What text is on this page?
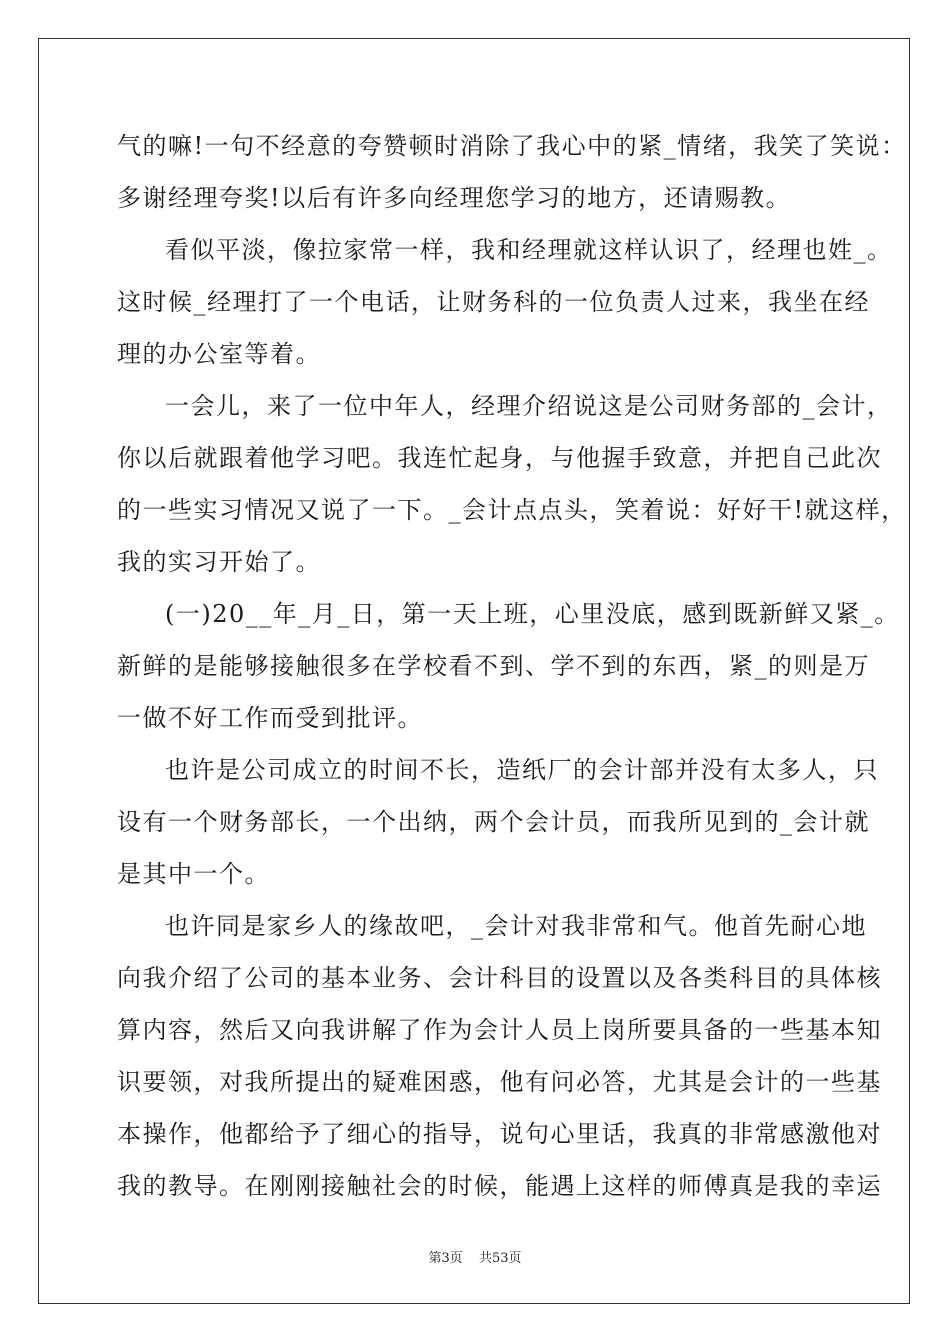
气的嘛!一句不经意的夸赞顿时消除了我心中的紧_情绪，我笑了笑说：
多谢经理夸奖!以后有许多向经理您学习的地方，还请赐教。
看似平淡，像拉家常一样，我和经理就这样认识了，经理也姓_。
这时候_经理打了一个电话，让财务科的一位负责人过来，我坐在经
理的办公室等着。
一会儿，来了一位中年人，经理介绍说这是公司财务部的_会计，
你以后就跟着他学习吧。我连忙起身，与他握手致意，并把自己此次
的一些实习情况又说了一下。_会计点点头，笑着说：好好干!就这样，
我的实习开始了。
(一)20__年_月_日，第一天上班，心里没底，感到既新鲜又紧_。
新鲜的是能够接触很多在学校看不到、学不到的东西，紧_的则是万
一做不好工作而受到批评。
也许是公司成立的时间不长，造纸厂的会计部并没有太多人，只
设有一个财务部长，一个出纳，两个会计员，而我所见到的_会计就
是其中一个。
也许同是家乡人的缘故吧，_会计对我非常和气。他首先耐心地
向我介绍了公司的基本业务、会计科目的设置以及各类科目的具体核
算内容，然后又向我讲解了作为会计人员上岗所要具备的一些基本知
识要领，对我所提出的疑难困惑，他有问必答，尤其是会计的一些基
本操作，他都给予了细心的指导，说句心里话，我真的非常感激他对
我的教导。在刚刚接触社会的时候，能遇上这样的师傅真是我的幸运
第3页 共53页
